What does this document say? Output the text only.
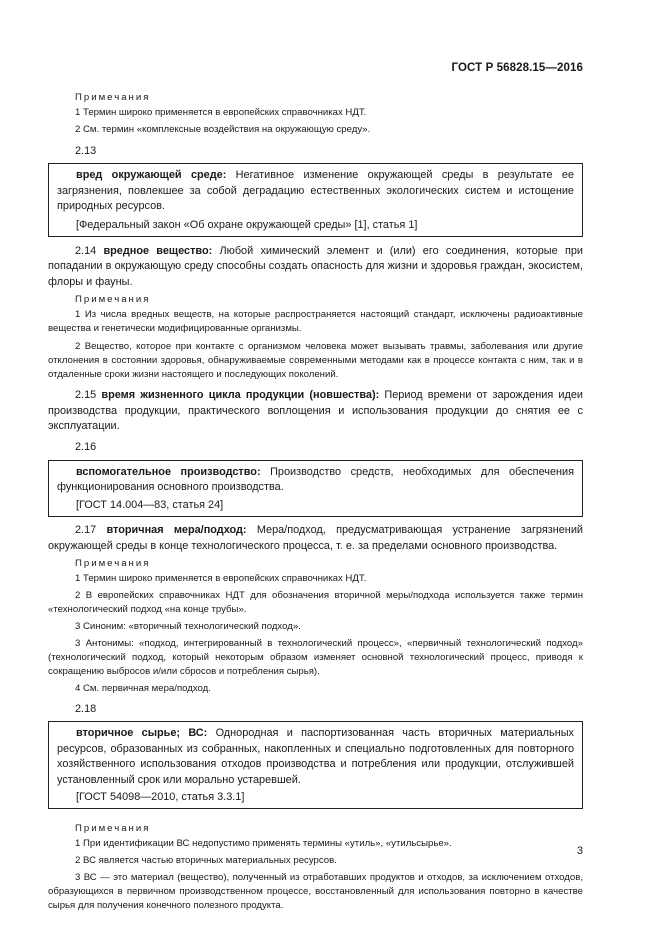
ГОСТ Р 56828.15—2016
Примечания

1 Термин широко применяется в европейских справочниках НДТ.

2 См. термин «комплексные воздействия на окружающую среду».

2.13

вред окружающей среде: Негативное изменение окружающей среды в результате ее загрязнения, повлекшее за собой деградацию естественных экологических систем и истощение природных ресурсов.

[Федеральный закон «Об охране окружающей среды» [1], статья 1]

2.14 вредное вещество: Любой химический элемент и (или) его соединения, которые при попадании в окружающую среду способны создать опасность для жизни и здоровья граждан, экосистем, флоры и фауны.

Примечания

1 Из числа вредных веществ, на которые распространяется настоящий стандарт, исключены радиоактивные вещества и генетически модифицированные организмы.

2 Вещество, которое при контакте с организмом человека может вызывать травмы, заболевания или другие отклонения в состоянии здоровья, обнаруживаемые современными методами как в процессе контакта с ним, так и в отдаленные сроки жизни настоящего и последующих поколений.

2.15 время жизненного цикла продукции (новшества): Период времени от зарождения идеи производства продукции, практического воплощения и использования продукции до снятия ее с эксплуатации.

2.16

вспомогательное производство: Производство средств, необходимых для обеспечения функционирования основного производства.

[ГОСТ 14.004—83, статья 24]

2.17 вторичная мера/подход: Мера/подход, предусматривающая устранение загрязнений окружающей среды в конце технологического процесса, т. е. за пределами основного производства.

Примечания

1 Термин широко применяется в европейских справочниках НДТ.

2 В европейских справочниках НДТ для обозначения вторичной меры/подхода используется также термин «технологический подход «на конце трубы».

3 Синоним: «вторичный технологический подход».

3 Антонимы: «подход, интегрированный в технологический процесс», «первичный технологический подход» (технологический подход, который некоторым образом изменяет основной технологический процесс, приводя к сокращению выбросов и/или сбросов и потребления сырья).

4 См. первичная мера/подход.

2.18

вторичное сырье; ВС: Однородная и паспортизованная часть вторичных материальных ресурсов, образованных из собранных, накопленных и специально подготовленных для повторного хозяйственного использования отходов производства и потребления или продукции, отслужившей установленный срок или морально устаревшей.

[ГОСТ 54098—2010, статья 3.3.1]

Примечания

1 При идентификации ВС недопустимо применять термины «утиль», «утильсырье».

2 ВС является частью вторичных материальных ресурсов.

3 ВС — это материал (вещество), полученный из отработавших продуктов и отходов, за исключением отходов, образующихся в первичном производственном процессе, восстановленный для использования повторно в качестве сырья для получения конечного полезного продукта.

3
